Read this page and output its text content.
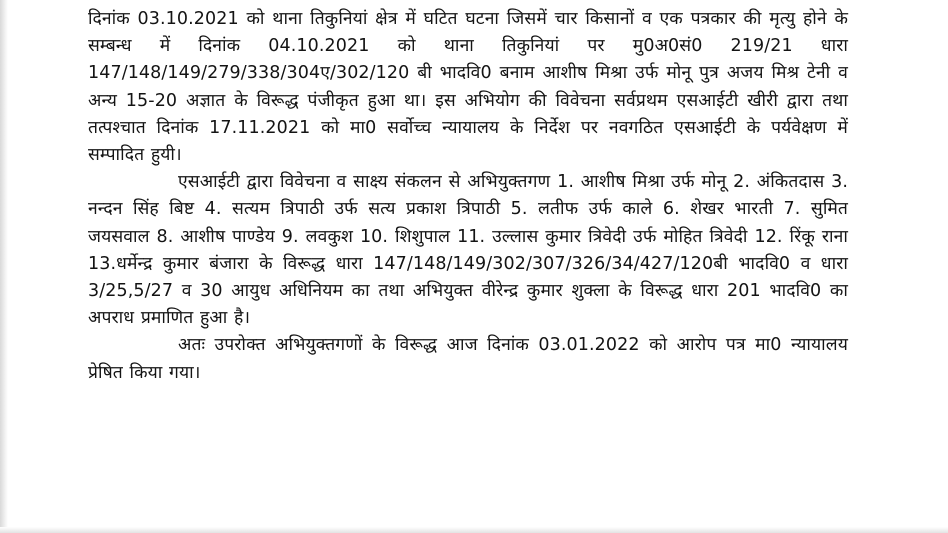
दिनांक 03.10.2021 को थाना तिकुनियां क्षेत्र में घटित घटना जिसमें चार किसानों व एक पत्रकार की मृत्यु होने के सम्बन्ध में दिनांक 04.10.2021 को थाना तिकुनियां पर मु0अ0सं0 219/21 धारा 147/148/149/279/338/304ए/302/120 बी भादवि0 बनाम आशीष मिश्रा उर्फ मोनू पुत्र अजय मिश्र टेनी व अन्य 15-20 अज्ञात के विरूद्ध पंजीकृत हुआ था। इस अभियोग की विवेचना सर्वप्रथम एसआईटी खीरी द्वारा तथा तत्पश्चात दिनांक 17.11.2021 को मा0 सर्वोच्च न्यायालय के निर्देश पर नवगठित एसआईटी के पर्यवेक्षण में सम्पादित हुयी।

एसआईटी द्वारा विवेचना व साक्ष्य संकलन से अभियुक्तगण 1. आशीष मिश्रा उर्फ मोनू 2. अंकितदास 3. नन्दन सिंह बिष्ट 4. सत्यम त्रिपाठी उर्फ सत्य प्रकाश त्रिपाठी 5. लतीफ उर्फ काले 6. शेखर भारती 7. सुमित जयसवाल 8. आशीष पाण्डेय 9. लवकुश 10. शिशुपाल 11. उल्लास कुमार त्रिवेदी उर्फ मोहित त्रिवेदी 12. रिंकू राना 13.धर्मेन्द्र कुमार बंजारा के विरूद्ध धारा 147/148/149/302/307/326/34/427/120बी भादवि0 व धारा 3/25,5/27 व 30 आयुध अधिनियम का तथा अभियुक्त वीरेन्द्र कुमार शुक्ला के विरूद्ध धारा 201 भादवि0 का अपराध प्रमाणित हुआ है।

अतः उपरोक्त अभियुक्तगणों के विरूद्ध आज दिनांक 03.01.2022 को आरोप पत्र मा0 न्यायालय प्रेषित किया गया।
